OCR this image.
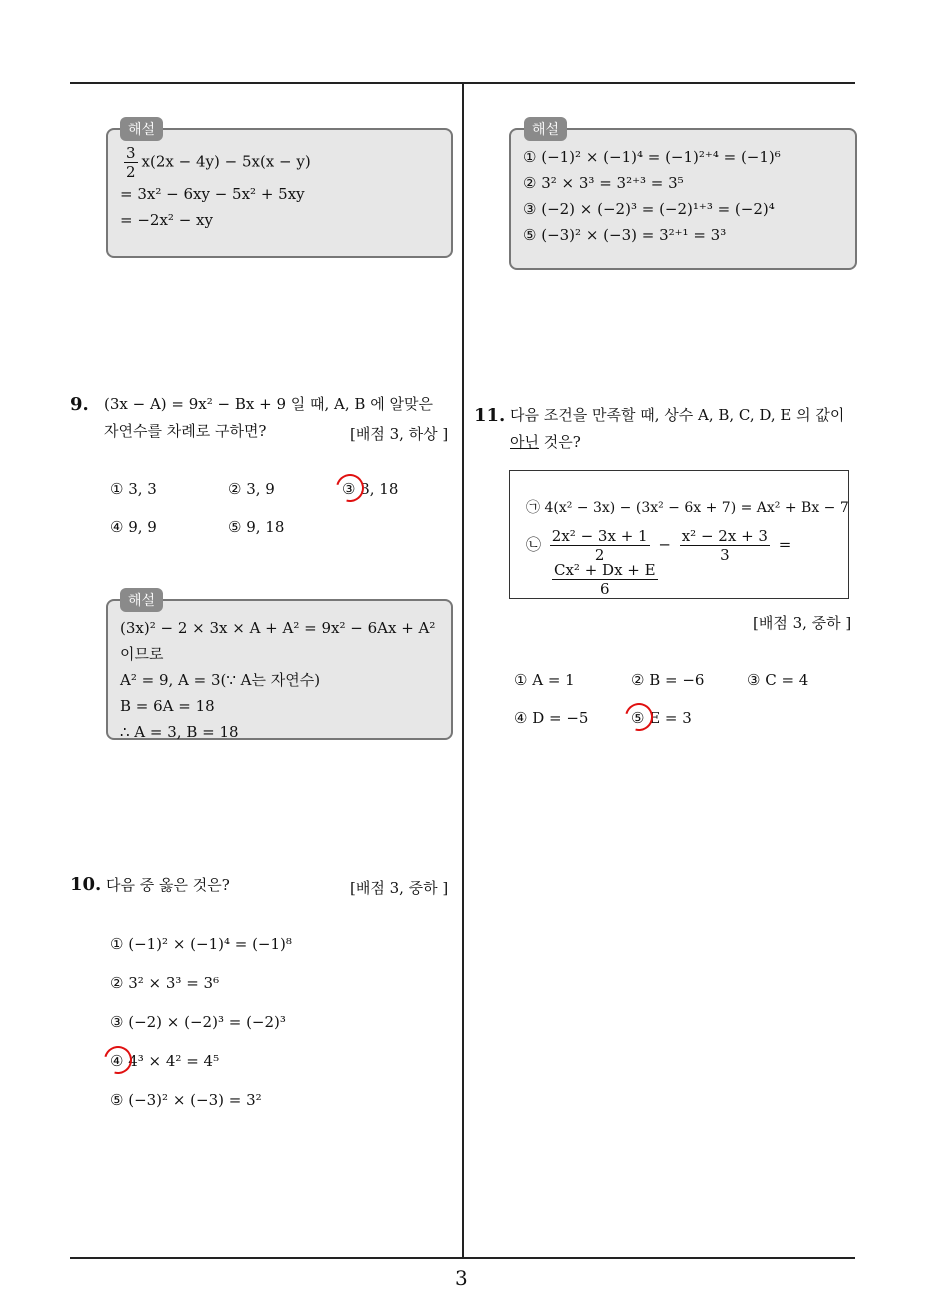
3
$\frac{3}{2} x(2x - 4y) - 5x(x - y)$
= 3x² − 6xy − 5x² + 5xy
= −2x² − xy
해설
① (−1)² × (−1)⁴ = (−1)²⁺⁴ = (−1)⁶
② 3² × 3³ = 3²⁺³ = 3⁵
③ (−2) × (−2)³ = (−2)¹⁺³ = (−2)⁴
⑤ (−3)² × (−3) = 3²⁺¹ = 3³
해설
9. (3x − A) = 9x² − Bx + 9 일 때, A, B 에 알맞은
자연수를 차례로 구하면?	[배점 3, 하상 ]
① 3, 3	② 3, 9	③ 3, 18
④ 9, 9	⑤ 9, 18
(3x)² − 2 × 3x × A + A² = 9x² − 6Ax + A² 이므로
A² = 9, A = 3(∵ A는 자연수)
B = 6A = 18
∴ A = 3, B = 18
해설
10. 다음 중 옳은 것은?	[배점 3, 중하 ]
① (−1)² × (−1)⁴ = (−1)⁸
② 3² × 3³ = 3⁶
③ (−2) × (−2)³ = (−2)³
④ 4³ × 4² = 4⁵
⑤ (−3)² × (−3) = 3²
11. 다음 조건을 만족할 때, 상수 A, B, C, D, E 의 값이
아닌 것은?
㉠ 4(x² − 3x) − (3x² − 6x + 7) = Ax² + Bx − 7
㉡ $\frac{\text{2x² − 3x + 1}}{2} - \frac{\text{x² − 2x + 3}}{3}$ =
$\frac{\text{Cx² + Dx + E}}{6}$
[배점 3, 중하 ]
① A = 1	② B = −6	③ C = 4
④ D = −5	⑤ E = 3
